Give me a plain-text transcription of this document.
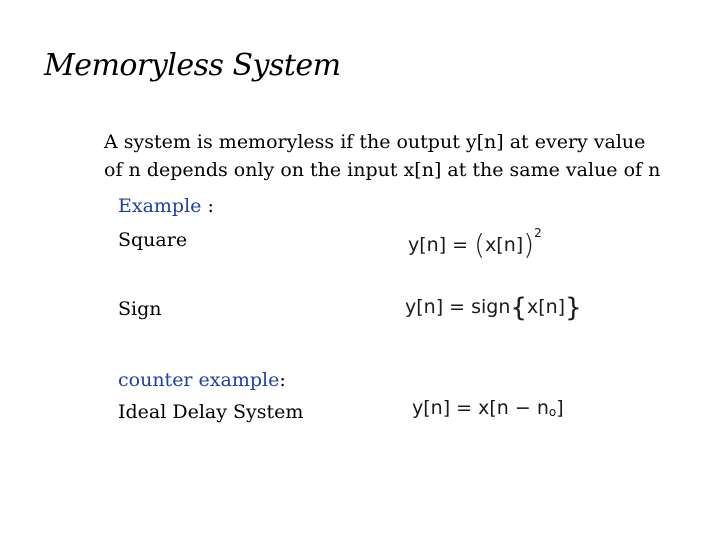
Memoryless System
A system is memoryless if the output y[n] at every value
of n depends only on the input x[n] at the same value of n
Example :
Square	$y[n] = (x[n])^2$
Sign	y[n] = sign{x[n]}
counter example:
Ideal Delay System	$y[n] = x[n - n_o]$
